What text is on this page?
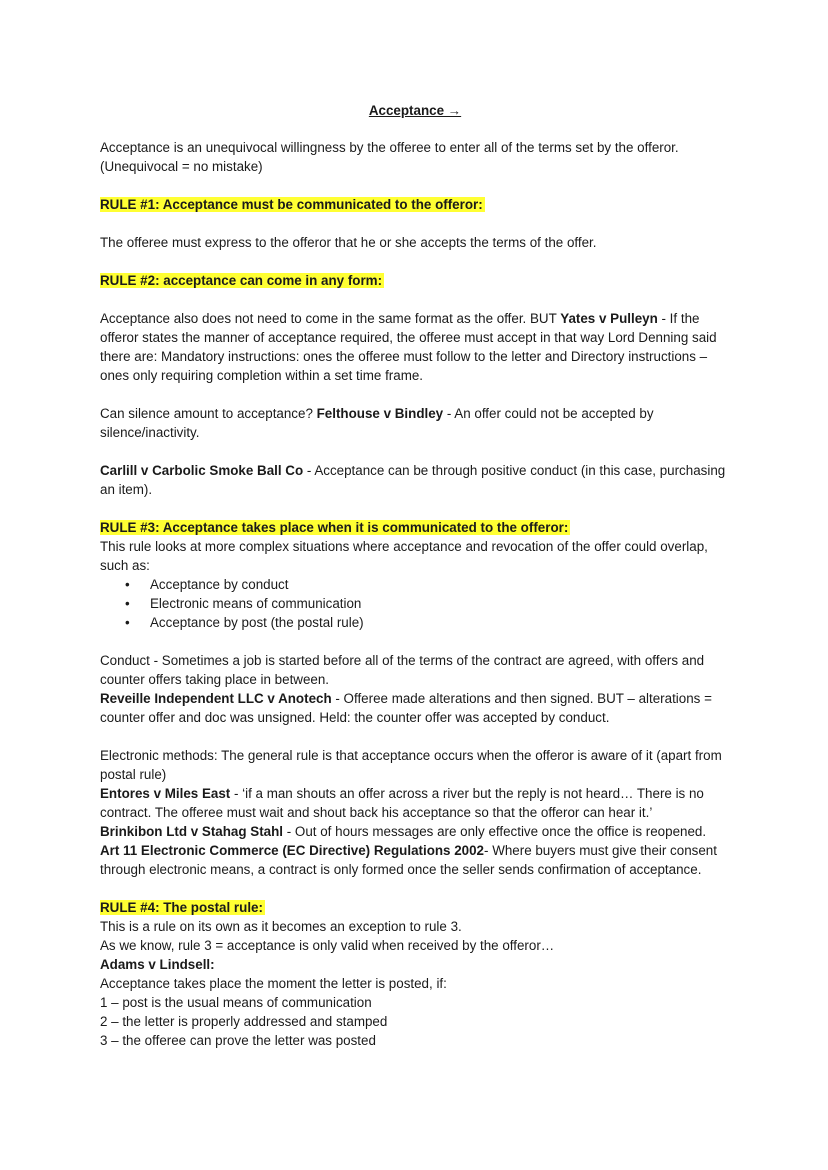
Acceptance →

Acceptance is an unequivocal willingness by the offeree to enter all of the terms set by the offeror.
(Unequivocal = no mistake)

RULE #1: Acceptance must be communicated to the offeror:

The offeree must express to the offeror that he or she accepts the terms of the offer.

RULE #2: acceptance can come in any form:

Acceptance also does not need to come in the same format as the offer. BUT Yates v Pulleyn - If the offeror states the manner of acceptance required, the offeree must accept in that way Lord Denning said there are: Mandatory instructions: ones the offeree must follow to the letter and Directory instructions – ones only requiring completion within a set time frame.

Can silence amount to acceptance? Felthouse v Bindley - An offer could not be accepted by silence/inactivity.

Carlill v Carbolic Smoke Ball Co - Acceptance can be through positive conduct (in this case, purchasing an item).

RULE #3: Acceptance takes place when it is communicated to the offeror:

This rule looks at more complex situations where acceptance and revocation of the offer could overlap, such as:

• Acceptance by conduct
• Electronic means of communication
• Acceptance by post (the postal rule)

Conduct - Sometimes a job is started before all of the terms of the contract are agreed, with offers and counter offers taking place in between.

Reveille Independent LLC v Anotech - Offeree made alterations and then signed. BUT – alterations = counter offer and doc was unsigned. Held: the counter offer was accepted by conduct.

Electronic methods: The general rule is that acceptance occurs when the offeror is aware of it (apart from postal rule)

Entores v Miles East - ‘if a man shouts an offer across a river but the reply is not heard… There is no contract. The offeree must wait and shout back his acceptance so that the offeror can hear it.’

Brinkibon Ltd v Stahag Stahl - Out of hours messages are only effective once the office is reopened.

Art 11 Electronic Commerce (EC Directive) Regulations 2002- Where buyers must give their consent through electronic means, a contract is only formed once the seller sends confirmation of acceptance.

RULE #4: The postal rule:

This is a rule on its own as it becomes an exception to rule 3.

As we know, rule 3 = acceptance is only valid when received by the offeror…

Adams v Lindsell:

Acceptance takes place the moment the letter is posted, if:

1 – post is the usual means of communication

2 – the letter is properly addressed and stamped

3 – the offeree can prove the letter was posted
